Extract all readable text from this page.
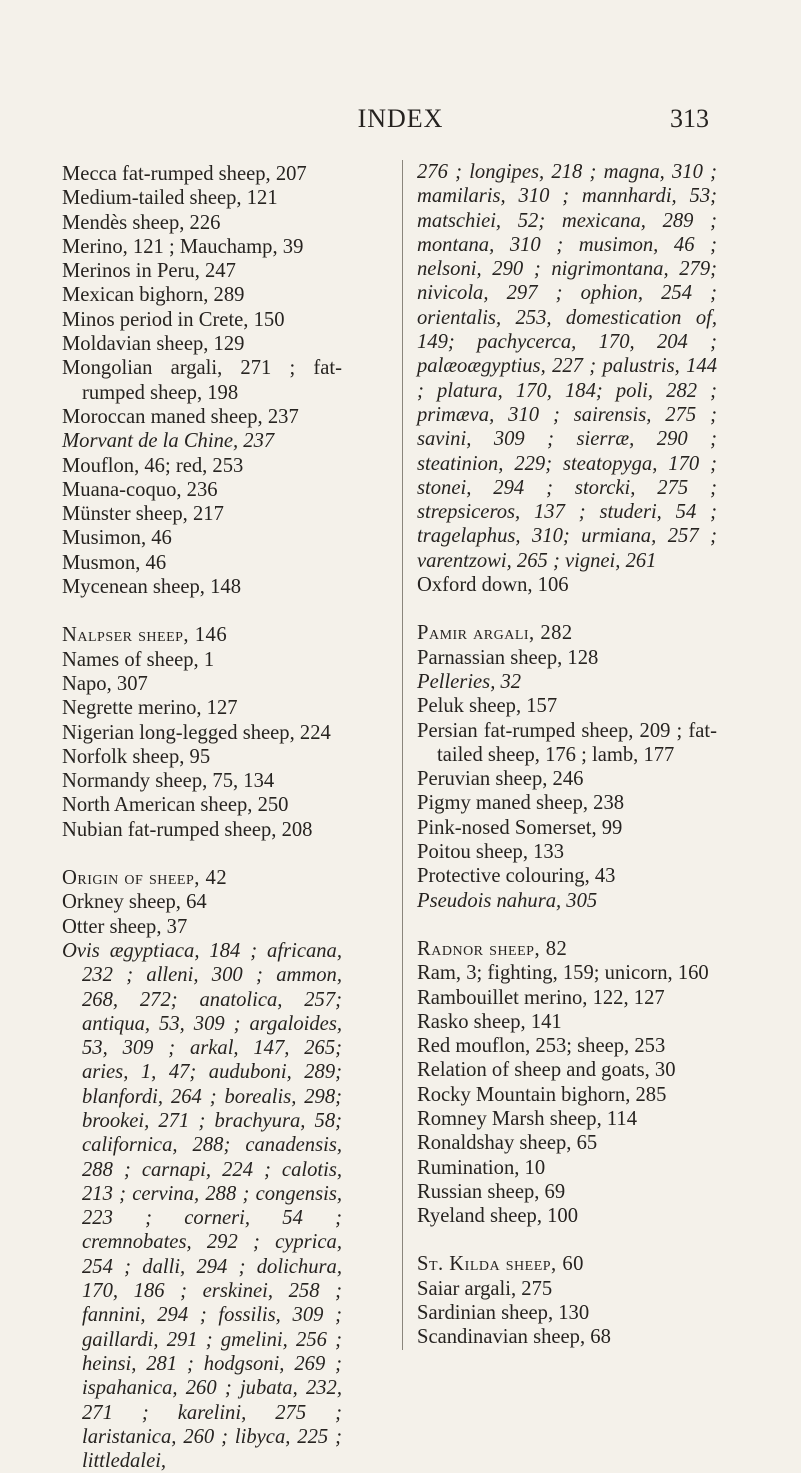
INDEX	313

Mecca fat-rumped sheep, 207

Medium-tailed sheep, 121

Mendès sheep, 226

Merino, 121 ; Mauchamp, 39

Merinos in Peru, 247

Mexican bighorn, 289

Minos period in Crete, 150

Moldavian sheep, 129

Mongolian argali, 271 ; fat-rumped sheep, 198

Moroccan maned sheep, 237

Morvant de la Chine, 237

Mouflon, 46; red, 253

Muana-coquo, 236

Münster sheep, 217

Musimon, 46

Musmon, 46

Mycenean sheep, 148

Nalpser sheep, 146

Names of sheep, 1

Napo, 307

Negrette merino, 127

Nigerian long-legged sheep, 224

Norfolk sheep, 95

Normandy sheep, 75, 134

North American sheep, 250

Nubian fat-rumped sheep, 208

Origin of sheep, 42

Orkney sheep, 64

Otter sheep, 37

Ovis ægyptiaca, 184 ; africana, 232 ; alleni, 300 ; ammon, 268, 272; anatolica, 257; antiqua, 53, 309 ; argaloides, 53, 309 ; arkal, 147, 265; aries, 1, 47; auduboni, 289; blanfordi, 264 ; borealis, 298; brookei, 271 ; brachyura, 58; californica, 288; canadensis, 288 ; carnapi, 224 ; calotis, 213 ; cervina, 288 ; congensis, 223 ; corneri, 54 ; cremnobates, 292 ; cyprica, 254 ; dalli, 294 ; dolichura, 170, 186 ; erskinei, 258 ; fannini, 294 ; fossilis, 309 ; gaillardi, 291 ; gmelini, 256 ; heinsi, 281 ; hodgsoni, 269 ; ispahanica, 260 ; jubata, 232, 271 ; karelini, 275 ; laristanica, 260 ; libyca, 225 ; littledalei,

276 ; longipes, 218 ; magna, 310 ; mamilaris, 310 ; mannhardi, 53; matschiei, 52; mexicana, 289 ; montana, 310 ; musimon, 46 ; nelsoni, 290 ; nigrimontana, 279; nivicola, 297 ; ophion, 254 ; orientalis, 253, domestication of, 149; pachycerca, 170, 204 ; palæoægyptius, 227 ; palustris, 144 ; platura, 170, 184; poli, 282 ; primæva, 310 ; sairensis, 275 ; savini, 309 ; sierræ, 290 ; steatinion, 229; steatopyga, 170 ; stonei, 294 ; storcki, 275 ; strepsiceros, 137 ; studeri, 54 ; tragelaphus, 310; urmiana, 257 ; varentzowi, 265 ; vignei, 261

Oxford down, 106

Pamir argali, 282

Parnassian sheep, 128

Pelleries, 32

Peluk sheep, 157

Persian fat-rumped sheep, 209 ; fat-tailed sheep, 176 ; lamb, 177

Peruvian sheep, 246

Pigmy maned sheep, 238

Pink-nosed Somerset, 99

Poitou sheep, 133

Protective colouring, 43

Pseudois nahura, 305

Radnor sheep, 82

Ram, 3; fighting, 159; unicorn, 160

Rambouillet merino, 122, 127

Rasko sheep, 141

Red mouflon, 253; sheep, 253

Relation of sheep and goats, 30

Rocky Mountain bighorn, 285

Romney Marsh sheep, 114

Ronaldshay sheep, 65

Rumination, 10

Russian sheep, 69

Ryeland sheep, 100

St. Kilda sheep, 60

Saiar argali, 275

Sardinian sheep, 130

Scandinavian sheep, 68
